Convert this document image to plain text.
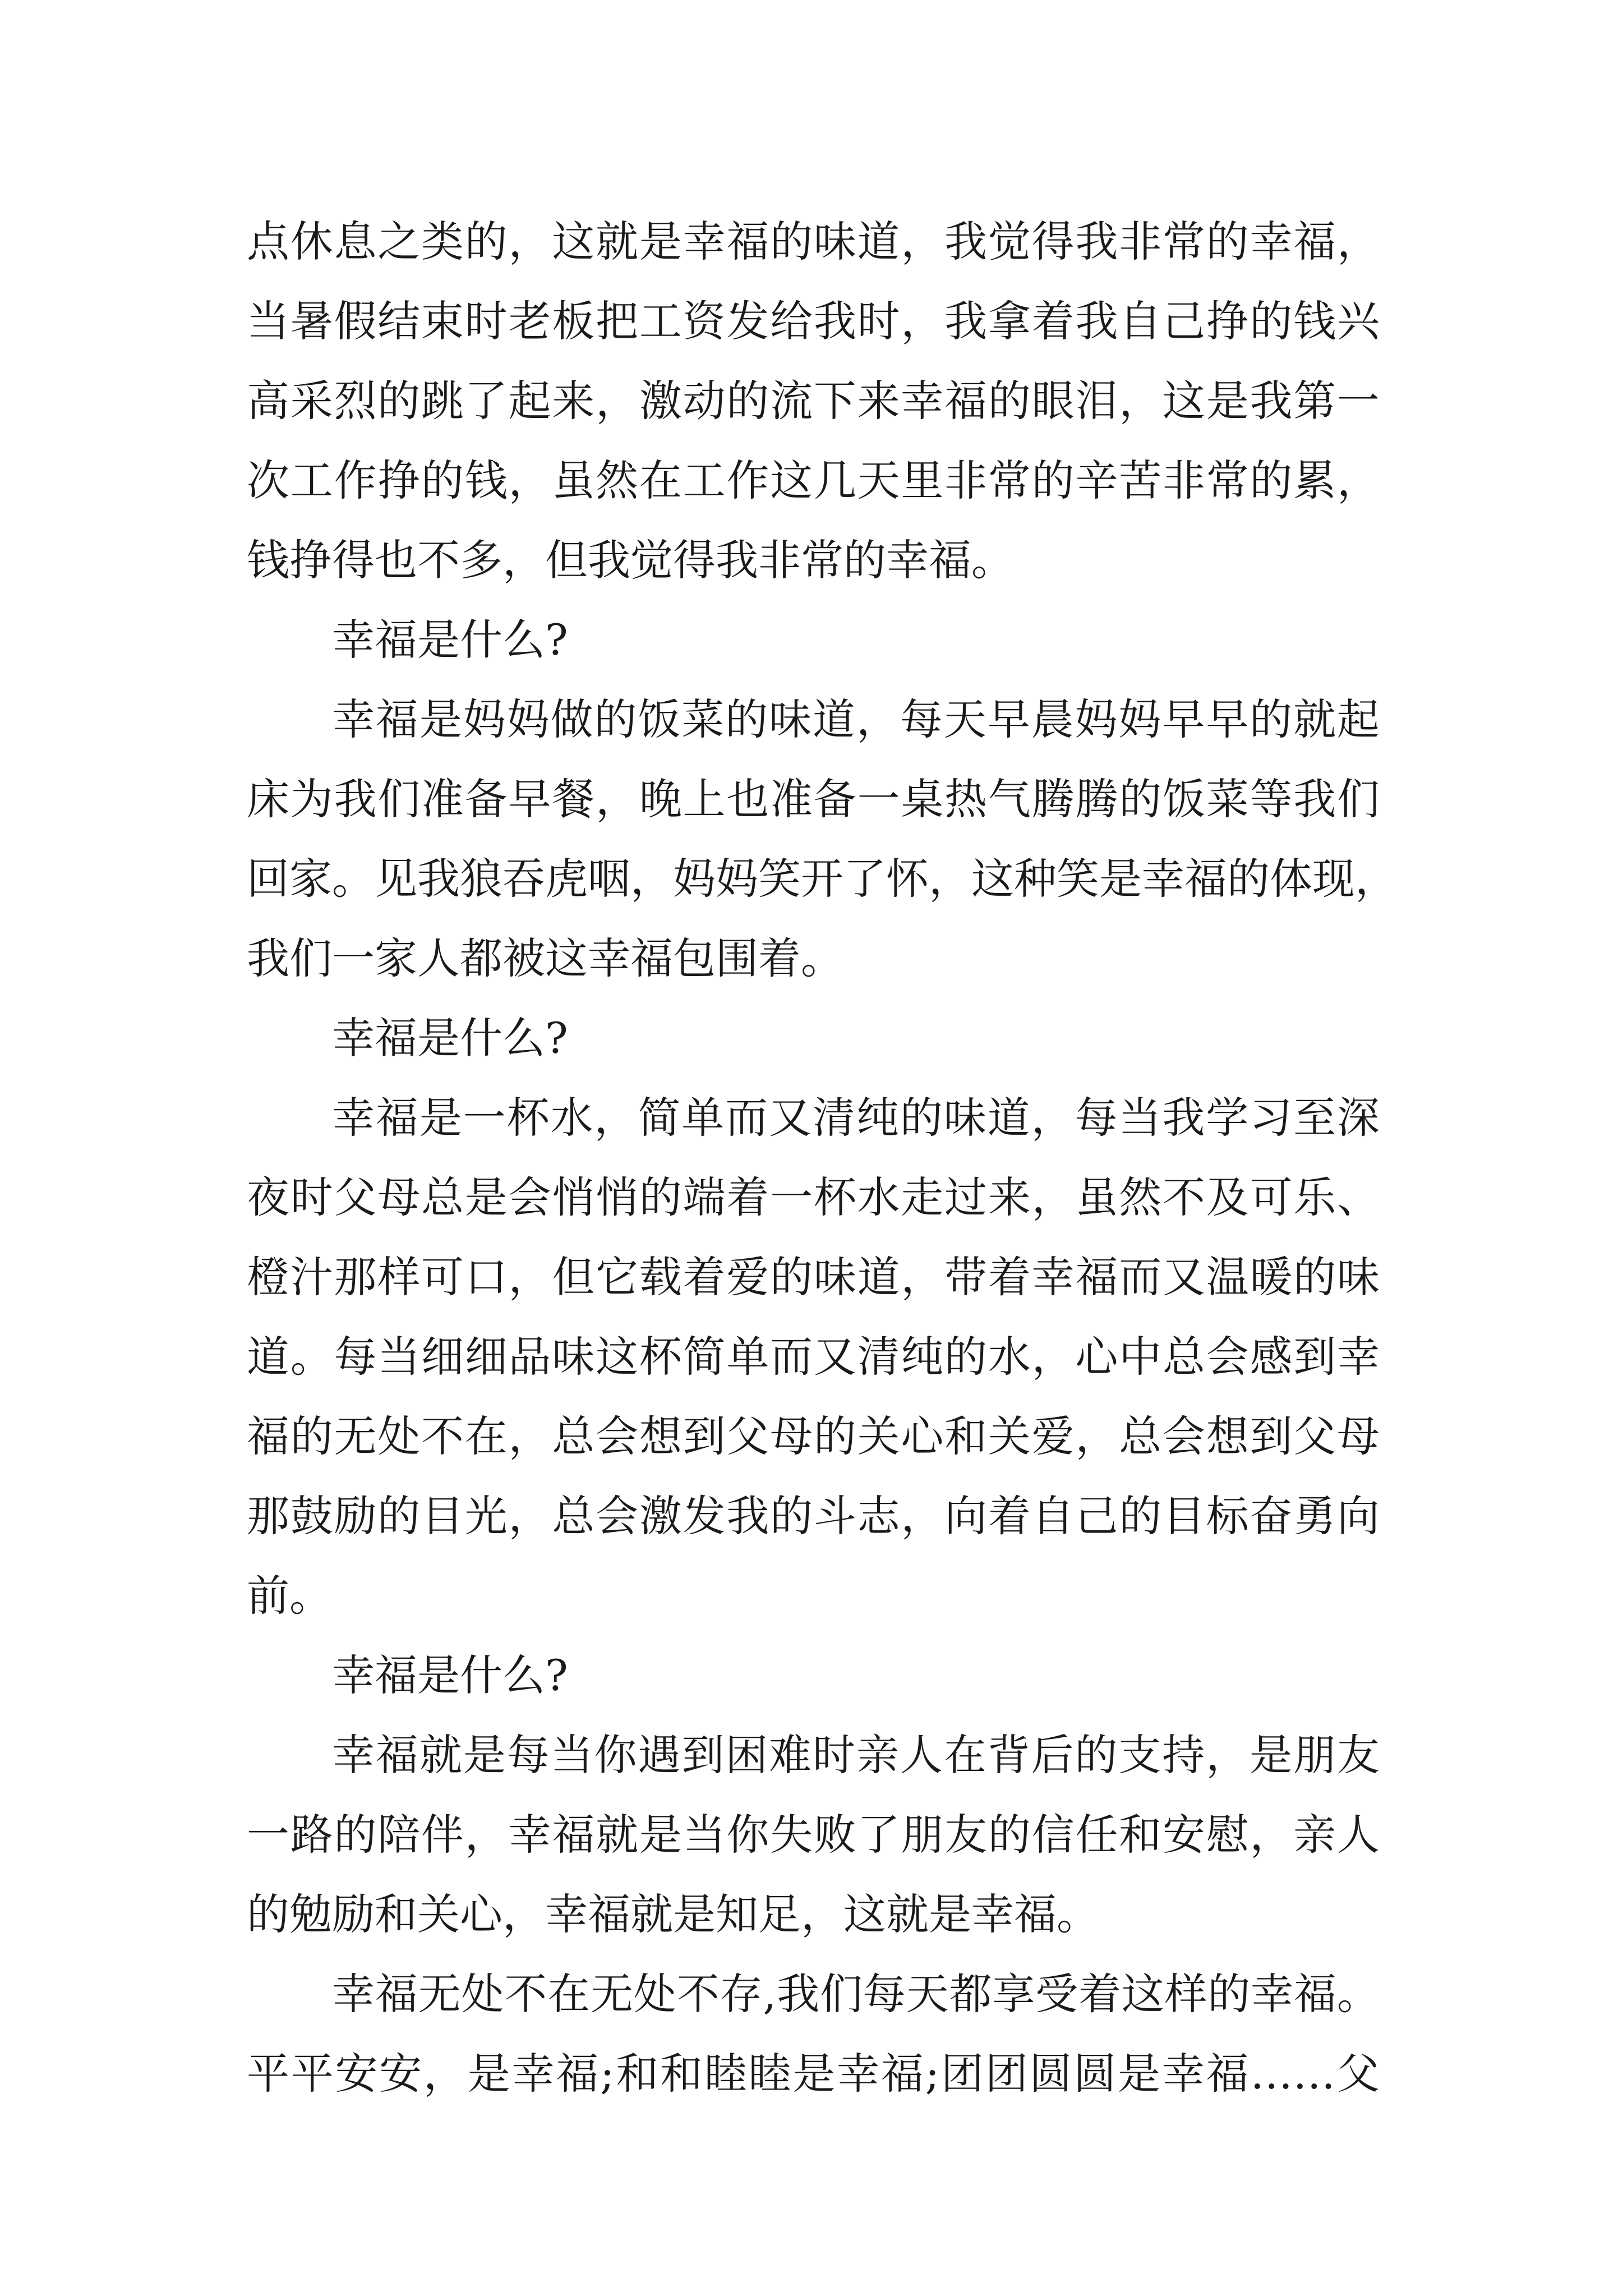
点休息之类的，这就是幸福的味道，我觉得我非常的幸福，
当暑假结束时老板把工资发给我时，我拿着我自己挣的钱兴
高采烈的跳了起来，激动的流下来幸福的眼泪，这是我第一
次工作挣的钱，虽然在工作这几天里非常的辛苦非常的累，
钱挣得也不多，但我觉得我非常的幸福。
幸福是什么?
幸福是妈妈做的饭菜的味道，每天早晨妈妈早早的就起
床为我们准备早餐，晚上也准备一桌热气腾腾的饭菜等我们
回家。见我狼吞虎咽，妈妈笑开了怀，这种笑是幸福的体现，
我们一家人都被这幸福包围着。
幸福是什么?
幸福是一杯水，简单而又清纯的味道，每当我学习至深
夜时父母总是会悄悄的端着一杯水走过来，虽然不及可乐、
橙汁那样可口，但它载着爱的味道，带着幸福而又温暖的味
道。每当细细品味这杯简单而又清纯的水，心中总会感到幸
福的无处不在，总会想到父母的关心和关爱，总会想到父母
那鼓励的目光，总会激发我的斗志，向着自己的目标奋勇向
前。
幸福是什么?
幸福就是每当你遇到困难时亲人在背后的支持，是朋友
一路的陪伴，幸福就是当你失败了朋友的信任和安慰，亲人
的勉励和关心，幸福就是知足，这就是幸福。
幸福无处不在无处不存,我们每天都享受着这样的幸福。
平平安安，是幸福;和和睦睦是幸福;团团圆圆是幸福……父
